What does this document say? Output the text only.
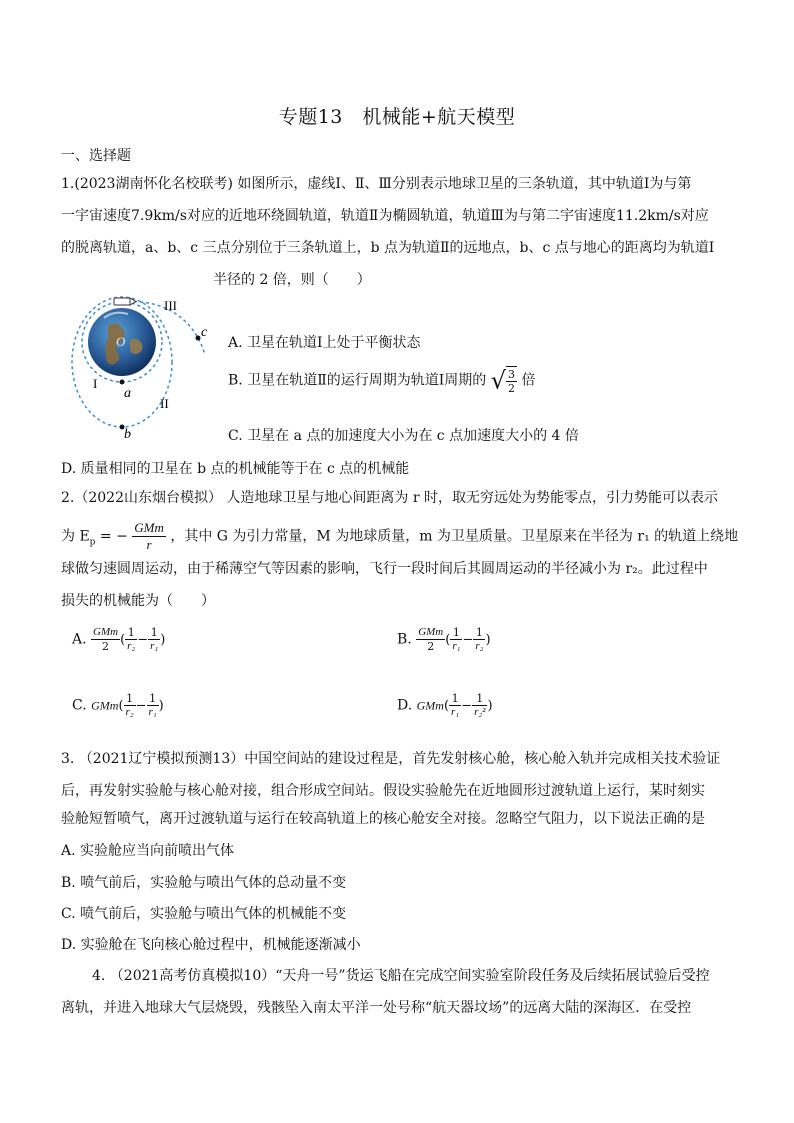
专题13　机械能+航天模型
一、选择题
1.(2023湖南怀化名校联考) 如图所示，虚线Ⅰ、Ⅱ、Ⅲ分别表示地球卫星的三条轨道，其中轨道Ⅰ为与第
一宇宙速度7.9km/s对应的近地环绕圆轨道，轨道Ⅱ为椭圆轨道，轨道Ⅲ为与第二宇宙速度11.2km/s对应
的脱离轨道，a、b、c 三点分别位于三条轨道上，b 点为轨道Ⅱ的远地点，b、c 点与地心的距离均为轨道Ⅰ
半径的 2 倍，则（　　）
III
I
II
a
b
c
O	A. 卫星在轨道Ⅰ上处于平衡状态
B. 卫星在轨道Ⅱ的运行周期为轨道Ⅰ周期的 √ $\frac{3}{2}$ 倍
C. 卫星在 a 点的加速度大小为在 c 点加速度大小的 4 倍
D. 质量相同的卫星在 b 点的机械能等于在 c 点的机械能
2.（2022山东烟台模拟） 人造地球卫星与地心间距离为 r 时，取无穷远处为势能零点，引力势能可以表示
为 $E_p$ = − $\frac{\text{GMm}}{r}$ ，其中 G 为引力常量，M 为地球质量，m 为卫星质量。卫星原来在半径为 r₁ 的轨道上绕地
球做匀速圆周运动，由于稀薄空气等因素的影响，飞行一段时间后其圆周运动的半径减小为 r₂。此过程中
损失的机械能为（　　）
A. $\frac{\text{GMm}}{2}$ ( $\frac{1}{\text{r₂}} - \frac{1}{\text{r₁}}$ )	B. $\frac{\text{GMm}}{2}$ ( $\frac{1}{\text{r₁}} - \frac{1}{\text{r₂}}$ )
C. $GMm( \frac{1}{\text{r₂}} - \frac{1}{\text{r₁}}$ )	D. $GMm( \frac{1}{\text{r₁}} - \frac{1}{\text{r₂²}}$ )
3. （2021辽宁模拟预测13）中国空间站的建设过程是，首先发射核心舱，核心舱入轨并完成相关技术验证
后，再发射实验舱与核心舱对接，组合形成空间站。假设实验舱先在近地圆形过渡轨道上运行，某时刻实
验舱短暂喷气，离开过渡轨道与运行在较高轨道上的核心舱安全对接。忽略空气阻力，以下说法正确的是
A. 实验舱应当向前喷出气体
B. 喷气前后，实验舱与喷出气体的总动量不变
C. 喷气前后，实验舱与喷出气体的机械能不变
D. 实验舱在飞向核心舱过程中，机械能逐渐减小
4. （2021高考仿真模拟10）“天舟一号”货运飞船在完成空间实验室阶段任务及后续拓展试验后受控
离轨，并进入地球大气层烧毁，残骸坠入南太平洋一处号称“航天器坟场”的远离大陆的深海区．在受控
